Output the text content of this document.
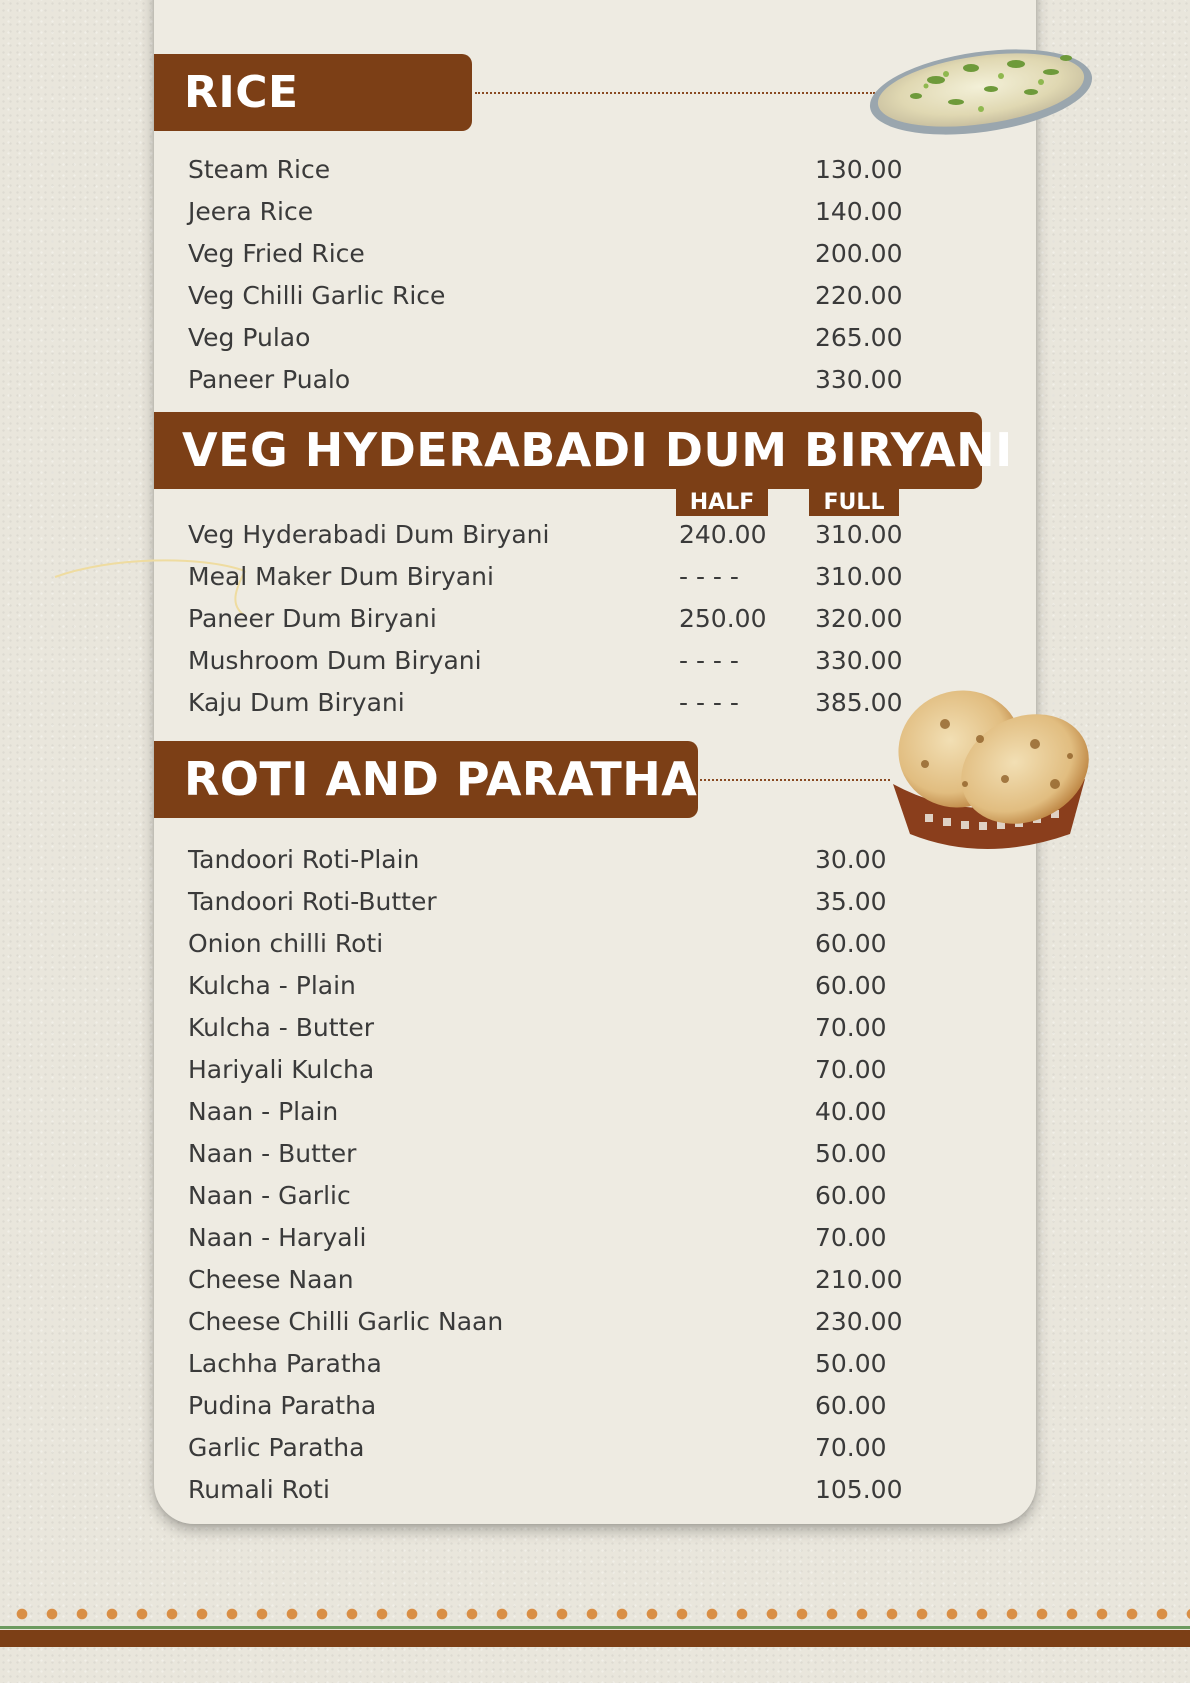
RICE
Steam Rice	130.00
Jeera Rice	140.00
Veg Fried Rice	200.00
Veg Chilli Garlic Rice	220.00
Veg Pulao	265.00
Paneer Pualo	330.00
VEG HYDERABADI DUM BIRYANI
HALF	FULL
Veg Hyderabadi Dum Biryani	240.00 310.00
Meal Maker Dum Biryani	- - - -	310.00
Paneer Dum Biryani	250.00 320.00
Mushroom Dum Biryani	- - - -	330.00
Kaju Dum Biryani	- - - -	385.00
ROTI AND PARATHA
Tandoori Roti-Plain	30.00
Tandoori Roti-Butter	35.00
Onion chilli Roti	60.00
Kulcha - Plain	60.00
Kulcha - Butter	70.00
Hariyali Kulcha	70.00
Naan - Plain	40.00
Naan - Butter	50.00
Naan - Garlic	60.00
Naan - Haryali	70.00
Cheese Naan	210.00
Cheese Chilli Garlic Naan	230.00
Lachha Paratha	50.00
Pudina Paratha	60.00
Garlic Paratha	70.00
Rumali Roti	105.00
